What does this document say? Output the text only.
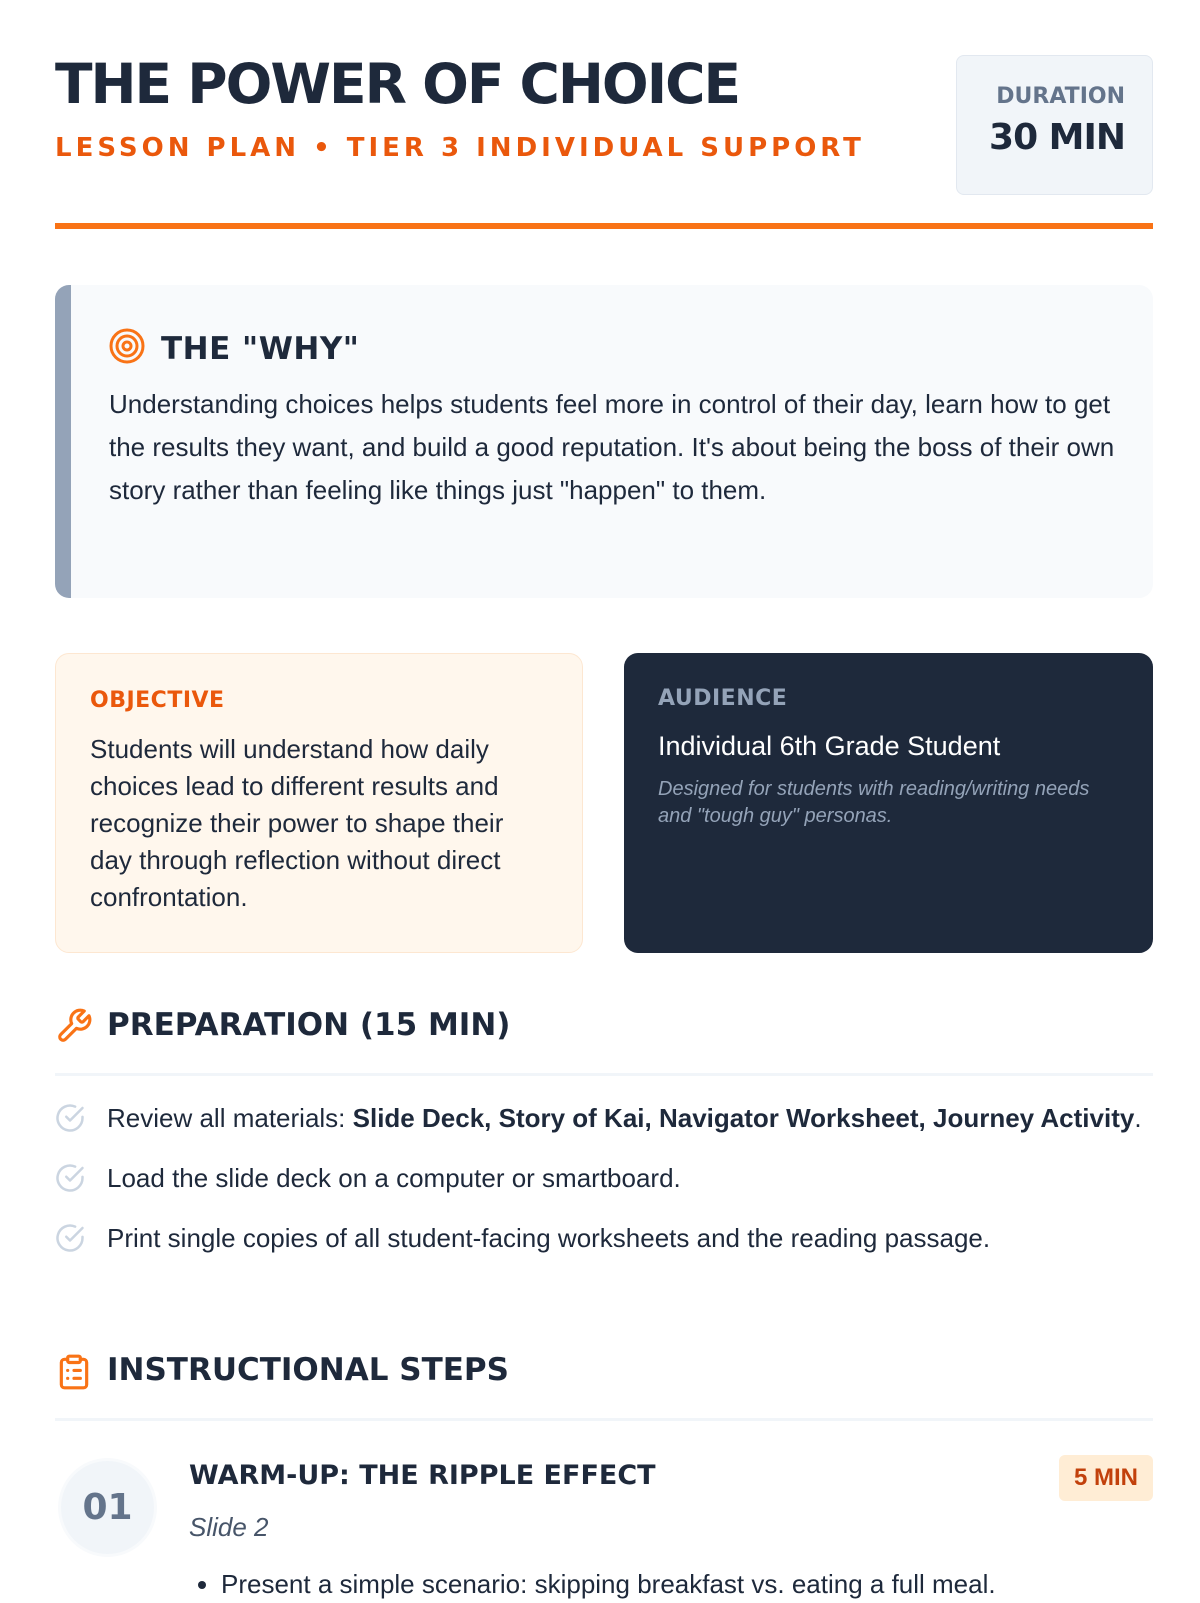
THE POWER OF CHOICE
LESSON PLAN • TIER 3 INDIVIDUAL SUPPORT
DURATION
30 MIN
THE "WHY"
Understanding choices helps students feel more in control of their day, learn how to get the results they want, and build a good reputation. It's about being the boss of their own story rather than feeling like things just "happen" to them.
OBJECTIVE
Students will understand how daily choices lead to different results and recognize their power to shape their day through reflection without direct confrontation.
AUDIENCE
Individual 6th Grade Student
Designed for students with reading/writing needs and "tough guy" personas.
PREPARATION (15 MIN)
Review all materials: Slide Deck, Story of Kai, Navigator Worksheet, Journey Activity.
Load the slide deck on a computer or smartboard.
Print single copies of all student-facing worksheets and the reading passage.
INSTRUCTIONAL STEPS
01
WARM-UP: THE RIPPLE EFFECT	5 MIN
Slide 2
• Present a simple scenario: skipping breakfast vs. eating a full meal.
